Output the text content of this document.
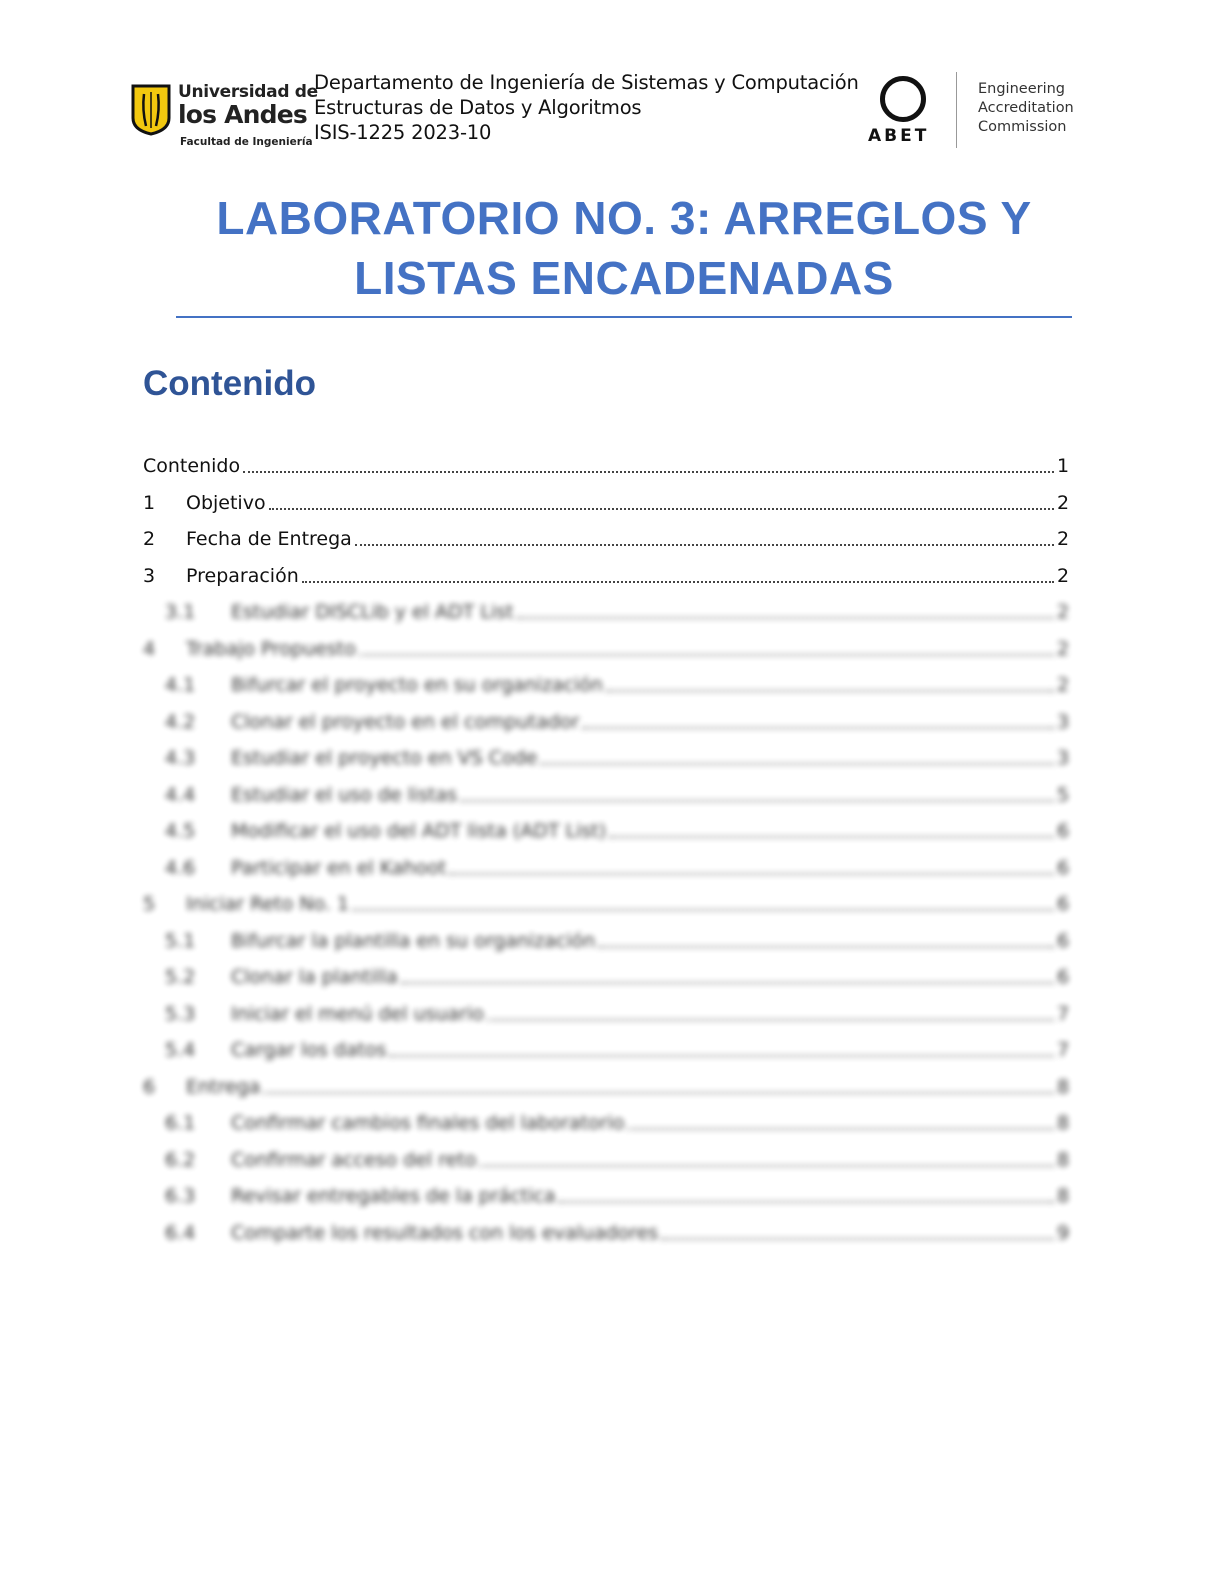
Universidad de
los Andes
Facultad de Ingeniería
Departamento de Ingeniería de Sistemas y Computación
Estructuras de Datos y Algoritmos
ISIS-1225 2023-10	ABET
Engineering
Accreditation
Commission
LABORATORIO NO. 3: ARREGLOS Y
LISTAS ENCADENADAS
Contenido
Contenido	1
1	Objetivo	2
2	Fecha de Entrega	2
3	Preparación	2
3.1	Estudiar DISCLib y el ADT List	2
4	Trabajo Propuesto	2
4.1	Bifurcar el proyecto en su organización	2
4.2	Clonar el proyecto en el computador	3
4.3	Estudiar el proyecto en VS Code	3
4.4	Estudiar el uso de listas	5
4.5	Modificar el uso del ADT lista (ADT List)	6
4.6	Participar en el Kahoot	6
5	Iniciar Reto No. 1	6
5.1	Bifurcar la plantilla en su organización	6
5.2	Clonar la plantilla	6
5.3	Iniciar el menú del usuario	7
5.4	Cargar los datos	7
6	Entrega	8
6.1	Confirmar cambios finales del laboratorio	8
6.2	Confirmar acceso del reto	8
6.3	Revisar entregables de la práctica	8
6.4	Comparte los resultados con los evaluadores	9
